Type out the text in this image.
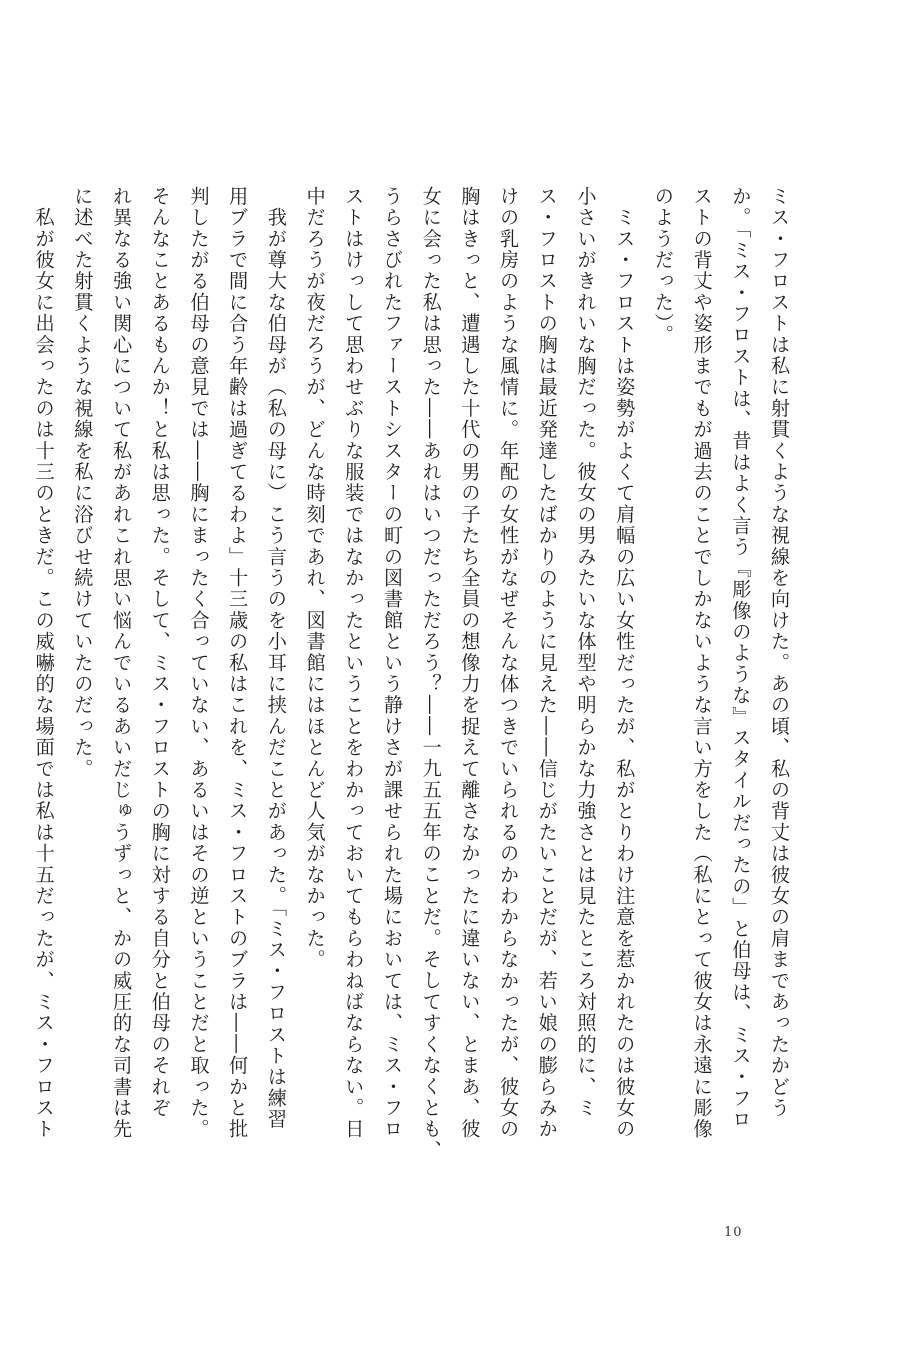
ミス・フロストは私に射貫くような視線を向けた。あの頃、私の背丈は彼女の肩まであったかどう

か。「ミス・フロストは、昔はよく言う『彫像のような』スタイルだったの」と伯母は、ミス・フロ

ストの背丈や姿形までもが過去のことでしかないような言い方をした（私にとって彼女は永遠に彫像

のようだった）。

　ミス・フロストは姿勢がよくて肩幅の広い女性だったが、私がとりわけ注意を惹かれたのは彼女の

小さいがきれいな胸だった。彼女の男みたいな体型や明らかな力強さとは見たところ対照的に、ミ

ス・フロストの胸は最近発達したばかりのように見えた――信じがたいことだが、若い娘の膨らみか

けの乳房のような風情に。年配の女性がなぜそんな体つきでいられるのかわからなかったが、彼女の

胸はきっと、遭遇した十代の男の子たち全員の想像力を捉えて離さなかったに違いない、とまあ、彼

女に会った私は思った――あれはいつだっただろう？――一九五五年のことだ。そしてすくなくとも、

うらさびれたファーストシスターの町の図書館という静けさが課せられた場においては、ミス・フロ

ストはけっして思わせぶりな服装ではなかったということをわかっておいてもらわねばならない。日

中だろうが夜だろうが、どんな時刻であれ、図書館にはほとんど人気がなかった。

　我が尊大な伯母が（私の母に）こう言うのを小耳に挟んだことがあった。「ミス・フロストは練習

用ブラで間に合う年齢は過ぎてるわよ」十三歳の私はこれを、ミス・フロストのブラは――何かと批

判したがる伯母の意見では――胸にまったく合っていない、あるいはその逆ということだと取った。

そんなことあるもんか！と私は思った。そして、ミス・フロストの胸に対する自分と伯母のそれぞ

れ異なる強い関心について私があれこれ思い悩んでいるあいだじゅうずっと、かの威圧的な司書は先

に述べた射貫くような視線を私に浴びせ続けていたのだった。

　私が彼女に出会ったのは十三のときだ。この威嚇的な場面では私は十五だったが、ミス・フロスト

10
